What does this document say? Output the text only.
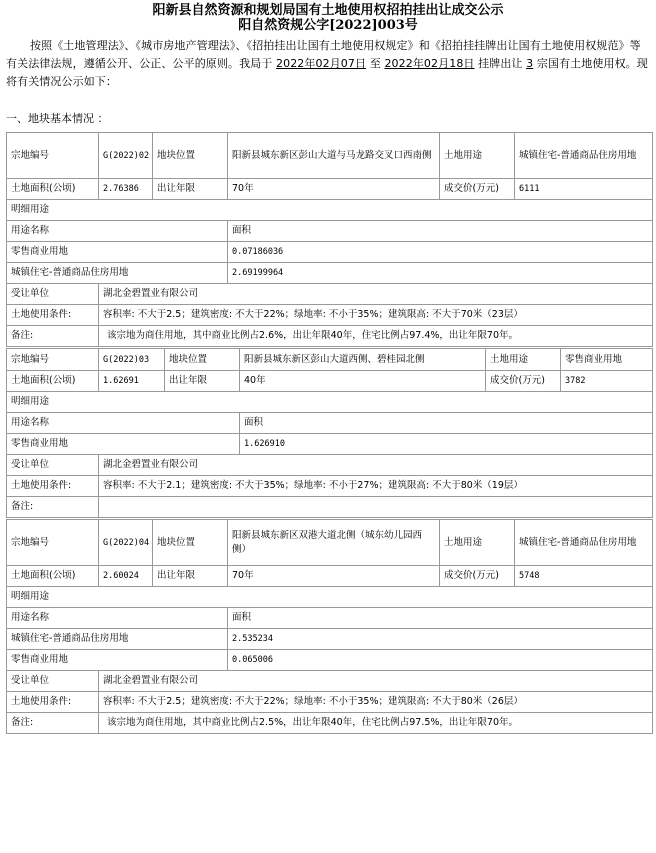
阳新县自然资源和规划局国有土地使用权招拍挂出让成交公示
阳自然资规公字[2022]003号
按照《土地管理法》、《城市房地产管理法》、《招拍挂出让国有土地使用权规定》和《招拍挂挂牌出让国有土地使用权规范》等有关法律法规，遵循公开、公正、公平的原则。我局于 2022年02月07日 至 2022年02月18日 挂牌出让 3 宗国有土地使用权。现将有关情况公示如下：
一、地块基本情况 ：
宗地编号	G(2022)02	地块位置	阳新县城东新区彭山大道与马龙路交叉口西南侧	土地用途	城镇住宅-普通商品住房用地
土地面积(公顷)	2.76386	出让年限	70年	成交价(万元)	6111
明细用途					
用途名称			面积		
零售商业用地			0.07186036		
城镇住宅-普通商品住房用地			2.69199964		
受让单位	湖北金碧置业有限公司				
土地使用条件:	容积率: 不大于2.5；建筑密度: 不大于22%；绿地率: 不小于35%；建筑限高: 不大于70米（23层）				
备注:	该宗地为商住用地，其中商业比例占2.6%，出让年限40年，住宅比例占97.4%，出让年限70年。				
宗地编号	G(2022)03	地块位置	阳新县城东新区彭山大道西侧、碧桂园北侧	土地用途	零售商业用地
土地面积(公顷)	1.62691	出让年限	40年	成交价(万元)	3782
明细用途					
用途名称			面积		
零售商业用地			1.626910		
受让单位	湖北金碧置业有限公司				
土地使用条件:	容积率: 不大于2.1；建筑密度: 不大于35%；绿地率: 不小于27%；建筑限高: 不大于80米（19层）				
备注:					
宗地编号	G(2022)04	地块位置	阳新县城东新区双港大道北侧（城东幼儿园西侧）	土地用途	城镇住宅-普通商品住房用地
土地面积(公顷)	2.60024	出让年限	70年	成交价(万元)	5748
明细用途					
用途名称			面积		
城镇住宅-普通商品住房用地			2.535234		
零售商业用地			0.065006		
受让单位	湖北金碧置业有限公司				
土地使用条件:	容积率: 不大于2.5；建筑密度: 不大于22%；绿地率: 不小于35%；建筑限高: 不大于80米（26层）				
备注:	该宗地为商住用地，其中商业比例占2.5%，出让年限40年，住宅比例占97.5%，出让年限70年。				
